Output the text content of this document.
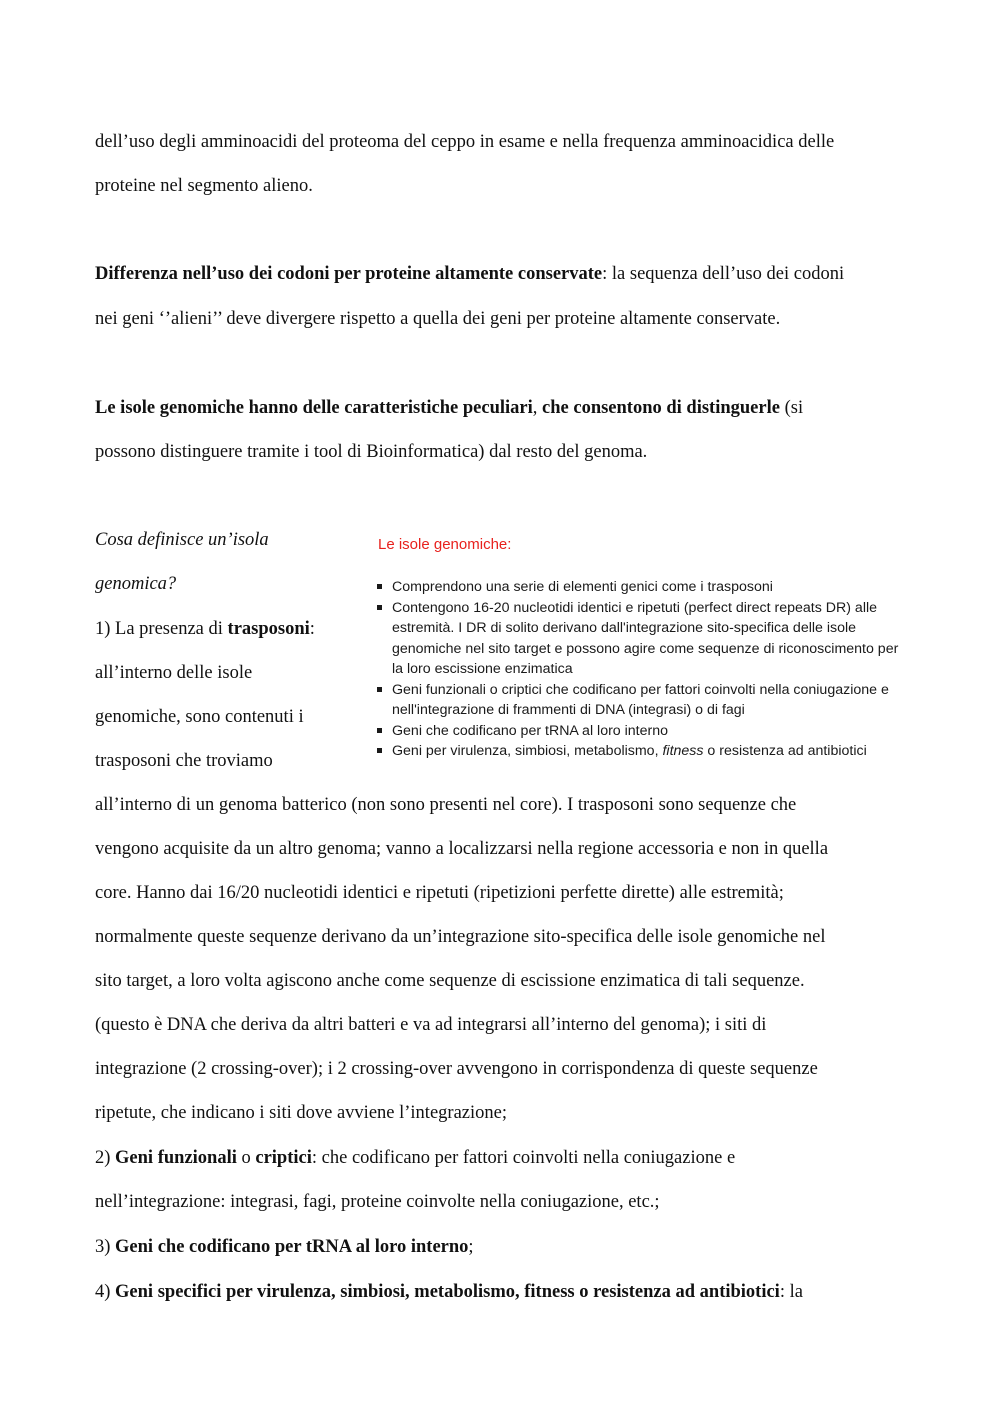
dell’uso degli amminoacidi del proteoma del ceppo in esame e nella frequenza amminoacidica delle
proteine nel segmento alieno.
Differenza nell’uso dei codoni per proteine altamente conservate: la sequenza dell’uso dei codoni
nei geni ‘’alieni’’ deve divergere rispetto a quella dei geni per proteine altamente conservate.
Le isole genomiche hanno delle caratteristiche peculiari, che consentono di distinguerle (si
possono distinguere tramite i tool di Bioinformatica) dal resto del genoma.
Cosa definisce un’isola
genomica?
1) La presenza di trasposoni:
all’interno delle isole
genomiche, sono contenuti i
trasposoni che troviamo
Le isole genomiche:
Comprendono una serie di elementi genici come i trasposoni
Contengono 16-20 nucleotidi identici e ripetuti (perfect direct repeats DR) alle
estremità. I DR di solito derivano dall'integrazione sito-specifica delle isole
genomiche nel sito target e possono agire come sequenze di riconoscimento per
la loro escissione enzimatica
Geni funzionali o criptici che codificano per fattori coinvolti nella coniugazione e
nell'integrazione di frammenti di DNA (integrasi) o di fagi
Geni che codificano per tRNA al loro interno
Geni per virulenza, simbiosi, metabolismo, fitness o resistenza ad antibiotici
all’interno di un genoma batterico (non sono presenti nel core). I trasposoni sono sequenze che
vengono acquisite da un altro genoma; vanno a localizzarsi nella regione accessoria e non in quella
core. Hanno dai 16/20 nucleotidi identici e ripetuti (ripetizioni perfette dirette) alle estremità;
normalmente queste sequenze derivano da un’integrazione sito-specifica delle isole genomiche nel
sito target, a loro volta agiscono anche come sequenze di escissione enzimatica di tali sequenze.
(questo è DNA che deriva da altri batteri e va ad integrarsi all’interno del genoma); i siti di
integrazione (2 crossing-over); i 2 crossing-over avvengono in corrispondenza di queste sequenze
ripetute, che indicano i siti dove avviene l’integrazione;
2) Geni funzionali o criptici: che codificano per fattori coinvolti nella coniugazione e
nell’integrazione: integrasi, fagi, proteine coinvolte nella coniugazione, etc.;
3) Geni che codificano per tRNA al loro interno;
4) Geni specifici per virulenza, simbiosi, metabolismo, fitness o resistenza ad antibiotici: la
